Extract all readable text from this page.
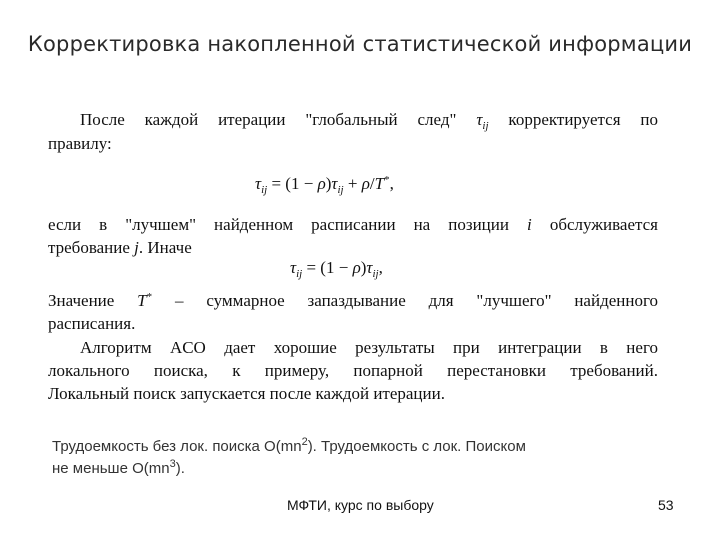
Корректировка накопленной статистической информации
После каждой итерации "глобальный след" $\tau_{ij}$ корректируется по
правилу:
$\tau_{ij} = (1 - \rho)\tau_{ij} + \rho/T^*$,
если в "лучшем" найденном расписании на позиции i обслуживается
требование j. Иначе
$\tau_{ij} = (1 - \rho)\tau_{ij}$,
Значение T* – суммарное запаздывание для "лучшего" найденного
расписания.
Алгоритм ACO дает хорошие результаты при интеграции в него
локального поиска, к примеру, попарной перестановки требований.
Локальный поиск запускается после каждой итерации.
Трудоемкость без лок. поиска $O(mn^2)$. Трудоемкость с лок. Поиском
не меньше $O(mn^3)$.
МФТИ, курс по выбору	53
